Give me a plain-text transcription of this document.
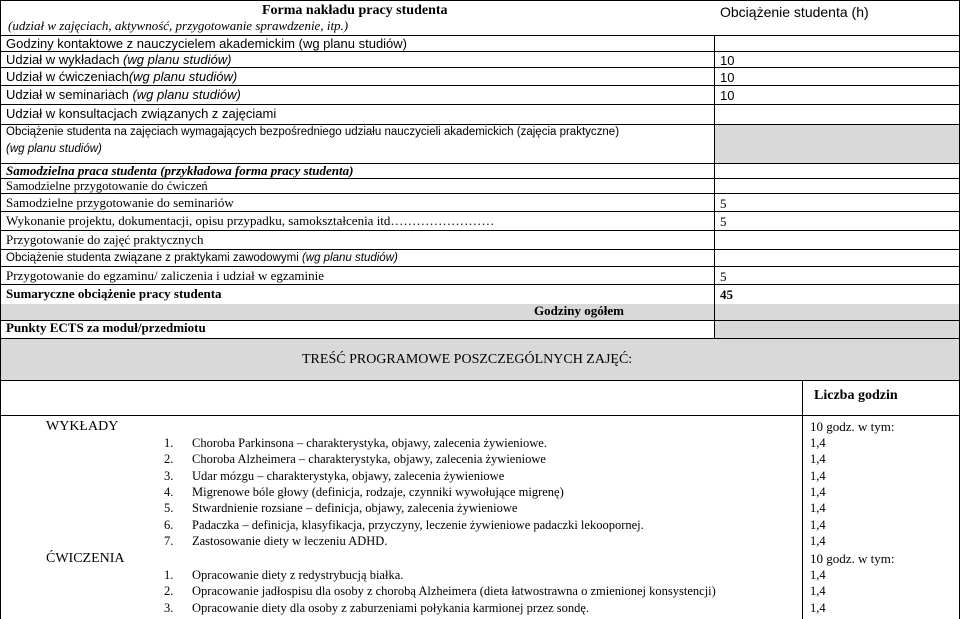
Forma nakładu pracy studenta
(udział w zajęciach, aktywność, przygotowanie sprawdzenie, itp.)
Obciążenie studenta (h)
Godziny kontaktowe z nauczycielem akademickim (wg planu studiów)
Udział w wykładach (wg planu studiów)	10
Udział w ćwiczeniach(wg planu studiów)	10
Udział w seminariach (wg planu studiów)	10
Udział w konsultacjach związanych z zajęciami
Obciążenie studenta na zajęciach wymagających bezpośredniego udziału nauczycieli akademickich (zajęcia praktyczne)
(wg planu studiów)
Samodzielna praca studenta (przykładowa forma pracy studenta)
Samodzielne przygotowanie do ćwiczeń
Samodzielne przygotowanie do seminariów	5
Wykonanie projektu, dokumentacji, opisu przypadku, samokształcenia itd……………………	5
Przygotowanie do zajęć praktycznych
Obciążenie studenta związane z praktykami zawodowymi (wg planu studiów)
Przygotowanie do egzaminu/ zaliczenia i udział w egzaminie	5
Sumaryczne obciążenie pracy studenta	45
Godziny ogółem
Punkty ECTS za moduł/przedmiotu
TREŚĆ PROGRAMOWE POSZCZEGÓLNYCH ZAJĘĆ:
Liczba godzin
WYKŁADY	10 godz. w tym:
1. Choroba Parkinsona – charakterystyka, objawy, zalecenia żywieniowe.	1,4
2. Choroba Alzheimera – charakterystyka, objawy, zalecenia żywieniowe	1,4
3. Udar mózgu – charakterystyka, objawy, zalecenia żywieniowe	1,4
4. Migrenowe bóle głowy (definicja, rodzaje, czynniki wywołujące migrenę)	1,4
5. Stwardnienie rozsiane – definicja, objawy, zalecenia żywieniowe	1,4
6. Padaczka – definicja, klasyfikacja, przyczyny, leczenie żywieniowe padaczki lekoopornej.	1,4
7. Zastosowanie diety w leczeniu ADHD.	1,4
ĆWICZENIA	10 godz. w tym:
1. Opracowanie diety z redystrybucją białka.	1,4
2. Opracowanie jadłospisu dla osoby z chorobą Alzheimera (dieta łatwostrawna o zmienionej konsystencji)	1,4
3. Opracowanie diety dla osoby z zaburzeniami połykania karmionej przez sondę.	1,4
